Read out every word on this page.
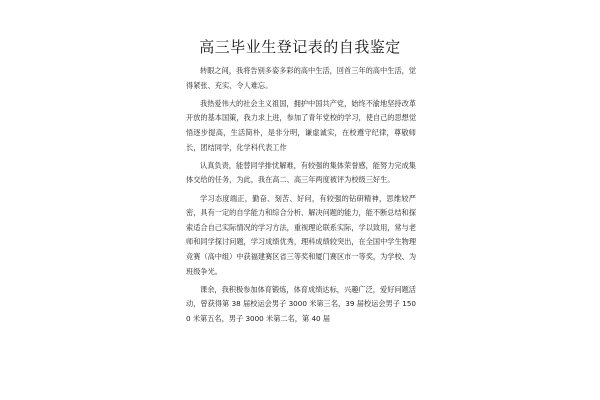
高三毕业生登记表的自我鉴定

转眼之间，我将告别多姿多彩的高中生活，回首三年的高中生活，觉得紧张、充实、令人难忘。

我热爱伟大的社会主义祖国，拥护中国共产党，始终不渝地坚持改革开放的基本国策，我力求上进，参加了青年党校的学习，使自己的思想觉悟逐步提高，生活简朴，是非分明，谦虚诚实，在校遵守纪律，尊敬师长，团结同学，化学科代表工作

认真负责，能替同学排忧解难，有较强的集体荣誉感，能努力完成集体交给的任务，为此，我在高二、高三年两度被评为校级三好生。

学习态度端正，勤奋、刻苦、好问，有较强的钻研精神，思维较严密，具有一定的自学能力和综合分析、解决问题的能力，能不断总结和探索适合自己实际情况的学习方法，重视理论联系实际，学以致用，常与老师和同学探讨问题，学习成绩优秀，理科成绩较突出，在全国中学生物理竞赛（高中组）中获福建赛区省三等奖和厦门赛区市一等奖，为学校、为班级争光。

课余，我积极参加体育锻炼，体育成绩达标，兴趣广泛，爱好问题活动，曾获得第 38 届校运会男子 3000 米第三名，39 届校运会男子 1500 米第五名，男子 3000 米第二名，第 40 届
